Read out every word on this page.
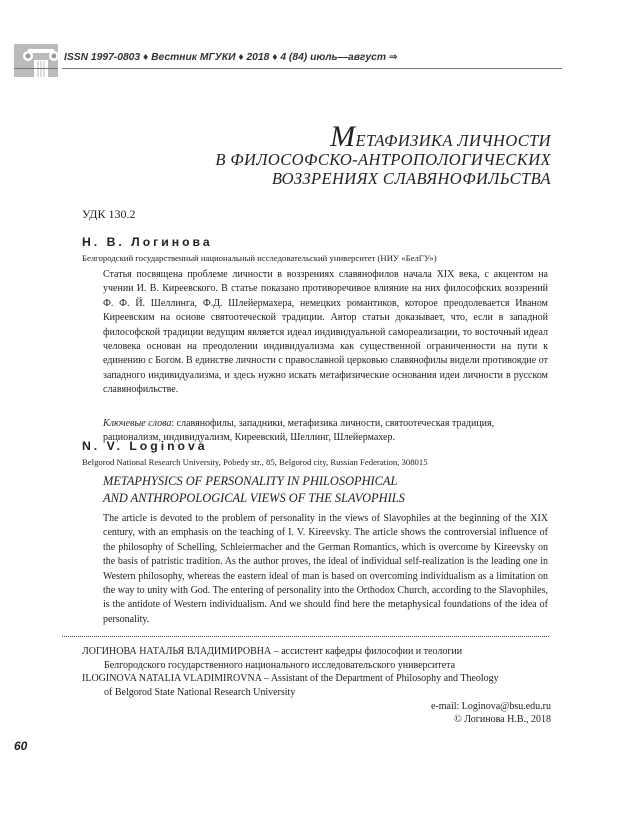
ISSN 1997-0803 ♦ Вестник МГУКИ ♦ 2018 ♦ 4 (84) июль—август ⇒
МЕТАФИЗИКА ЛИЧНОСТИ
В ФИЛОСОФСКО-АНТРОПОЛОГИЧЕСКИХ
ВОЗЗРЕНИЯХ СЛАВЯНОФИЛЬСТВА
УДК 130.2
Н. В. Логинова
Белгородский государственный национальный исследовательский университет (НИУ «БелГУ»)

Статья посвящена проблеме личности в воззрениях славянофилов начала XIX века, с акцентом на учении И. В. Киреевского. В статье показано противоречивое влияние на них философских воззрений Ф. Ф. Й. Шеллинга, Ф.Д. Шлейермахера, немецких романтиков, которое преодолевается Иваном Киреевским на основе святоотеческой традиции. Автор статьи доказывает, что, если в западной философской традиции ведущим является идеал индивидуальной самореализации, то восточный идеал человека основан на преодолении индивидуализма как существенной ограниченности на пути к единению с Богом. В единстве личности с православной церковью славянофилы видели противоядие от западного индивидуализма, и здесь нужно искать метафизические основания идеи личности в русском славянофильстве.

Ключевые слова: славянофилы, западники, метафизика личности, святоотеческая традиция, рационализм, индивидуализм, Киреевский, Шеллинг, Шлейермахер.

N. V. Loginova
Belgorod National Research University, Pobedy str., 85, Belgorod city, Russian Federation, 308015
METAPHYSICS OF PERSONALITY IN PHILOSOPHICAL
AND ANTHROPOLOGICAL VIEWS OF THE SLAVOPHILS

The article is devoted to the problem of personality in the views of Slavophiles at the beginning of the XIX century, with an emphasis on the teaching of I. V. Kireevsky. The article shows the controversial influence of the philosophy of Schelling, Schleiermacher and the German Romantics, which is overcome by Kireevsky on the basis of patristic tradition. As the author proves, the ideal of individual self-realization is the leading one in Western philosophy, whereas the eastern ideal of man is based on overcoming individualism as a limitation on the way to unity with God. The entering of personality into the Orthodox Church, according to the Slavophiles, is the antidote of Western individualism. And we should find here the metaphysical foundations of the idea of personality.

ЛОГИНОВА НАТАЛЬЯ ВЛАДИМИРОВНА – ассистент кафедры философии и теологии
Белгородского государственного национального исследовательского университета

ILOGINOVA NATALIA VLADIMIROVNA – Assistant of the Department of Philosophy and Theology
of Belgorod State National Research University

e-mail: Loginova@bsu.edu.ru
© Логинова Н.В., 2018
60
